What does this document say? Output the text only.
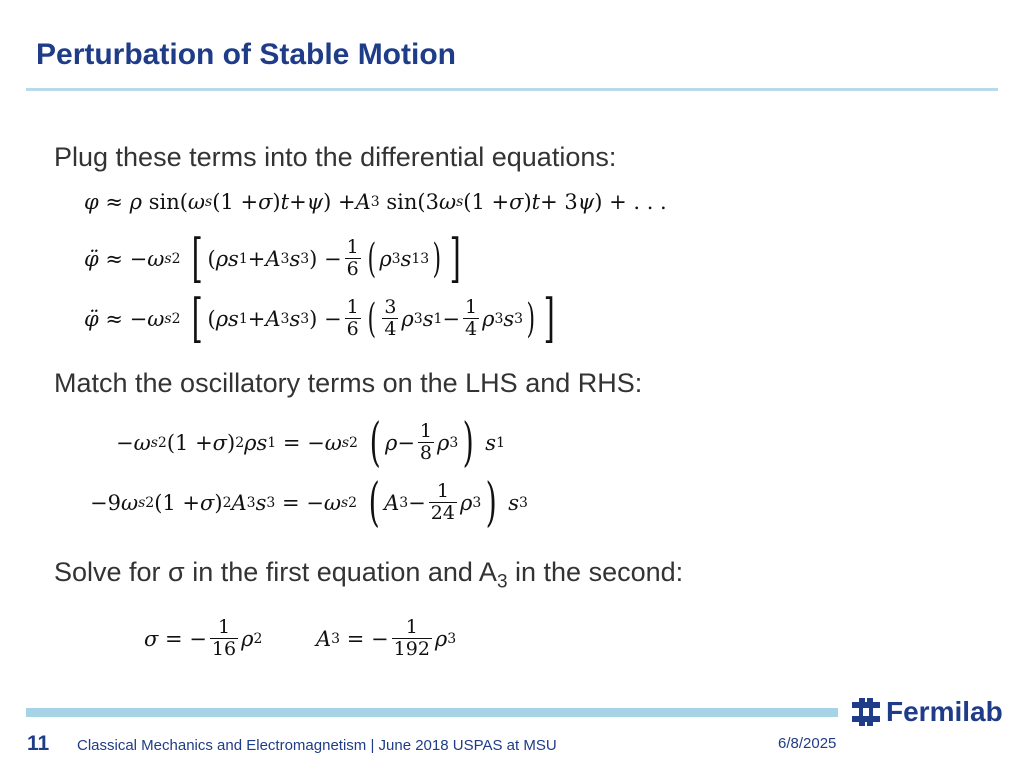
Perturbation of Stable Motion
Plug these terms into the differential equations:
φ ≈ ρ sin( ω s (1 + σ ) t + ψ ) + A 3 sin(3 ω s (1 + σ ) t + 3 ψ ) + . . .
φ̈ ≈ − ω s 2
[ ( ρs 1 + A 3 s 3 ) − $\frac{1}{6}$ ( ρ 3 s 1 3 ) ]
φ̈ ≈ − ω s 2
[ ( ρs 1 + A 3 s 3 ) − $\frac{1}{6}$ ( $\frac{3}{4}$ ρ 3 s $1 - \frac{1}{4}$ ρ 3 s 3 ) ]
Match the oscillatory terms on the LHS and RHS:
− ω s 2 (1 + σ ) 2 ρs 1 = − ω s 2
( $\rho - \frac{1}{8}$ ρ 3 )
s 1
−9 ω s 2 (1 + σ ) 2 A 3 s 3 = − ω s 2
( A $3 - \frac{1}{24}$ ρ 3 )
s 3
Solve for σ in the first equation and $A_3$ in the second:
σ = − $\frac{1}{16}$ ρ 2	A 3 = − $\frac{1}{192}$ ρ 3
Fermilab
11 Classical Mechanics and Electromagnetism | June 2018 USPAS at MSU	6/8/2025
